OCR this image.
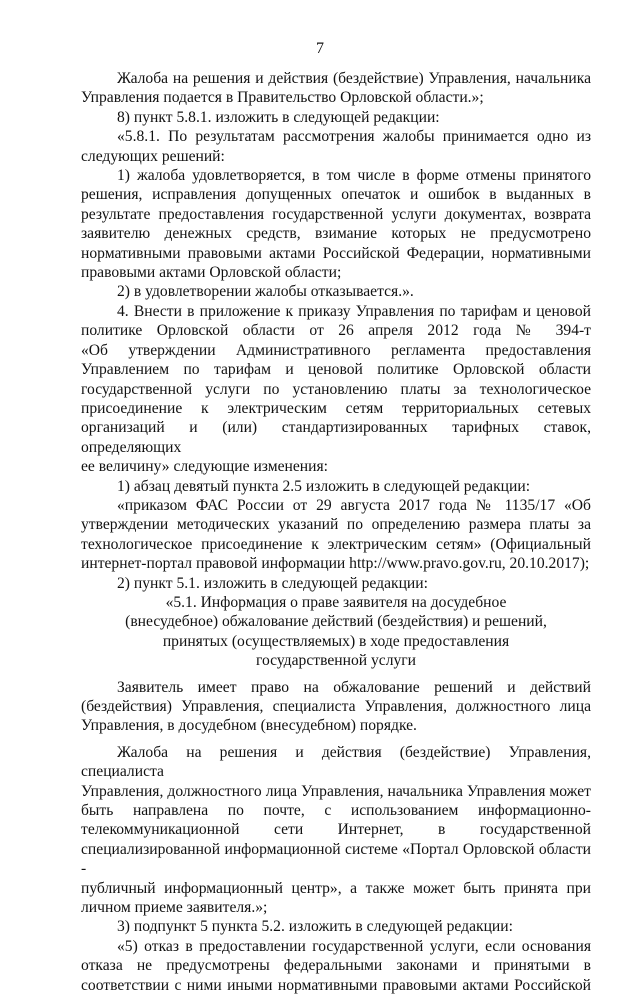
7

Жалоба на решения и действия (бездействие) Управления, начальника

Управления подается в Правительство Орловской области.»;

8) пункт 5.8.1. изложить в следующей редакции:

«5.8.1. По результатам рассмотрения жалобы принимается одно из

следующих решений:

1) жалоба удовлетворяется, в том числе в форме отмены принятого

решения, исправления допущенных опечаток и ошибок в выданных в

результате предоставления государственной услуги документах, возврата

заявителю денежных средств, взимание которых не предусмотрено

нормативными правовыми актами Российской Федерации, нормативными

правовыми актами Орловской области;

2) в удовлетворении жалобы отказывается.».

4. Внести в приложение к приказу Управления по тарифам и ценовой

политике Орловской области от 26 апреля 2012 года № 394-т

«Об утверждении Административного регламента предоставления

Управлением по тарифам и ценовой политике Орловской области

государственной услуги по установлению платы за технологическое

присоединение к электрическим сетям территориальных сетевых

организаций и (или) стандартизированных тарифных ставок, определяющих

ее величину» следующие изменения:

1) абзац девятый пункта 2.5 изложить в следующей редакции:

«приказом ФАС России от 29 августа 2017 года № 1135/17 «Об

утверждении методических указаний по определению размера платы за

технологическое присоединение к электрическим сетям» (Официальный

интернет-портал правовой информации http://www.pravo.gov.ru, 20.10.2017);

2) пункт 5.1. изложить в следующей редакции:

«5.1. Информация о праве заявителя на досудебное
(внесудебное) обжалование действий (бездействия) и решений,
принятых (осуществляемых) в ходе предоставления
государственной услуги

Заявитель имеет право на обжалование решений и действий

(бездействия) Управления, специалиста Управления, должностного лица

Управления, в досудебном (внесудебном) порядке.

Жалоба на решения и действия (бездействие) Управления, специалиста

Управления, должностного лица Управления, начальника Управления может

быть направлена по почте, с использованием информационно-

телекоммуникационной сети Интернет, в государственной

специализированной информационной системе «Портал Орловской области -

публичный информационный центр», а также может быть принята при

личном приеме заявителя.»;

3) подпункт 5 пункта 5.2. изложить в следующей редакции:

«5) отказ в предоставлении государственной услуги, если основания

отказа не предусмотрены федеральными законами и принятыми в

соответствии с ними иными нормативными правовыми актами Российской
